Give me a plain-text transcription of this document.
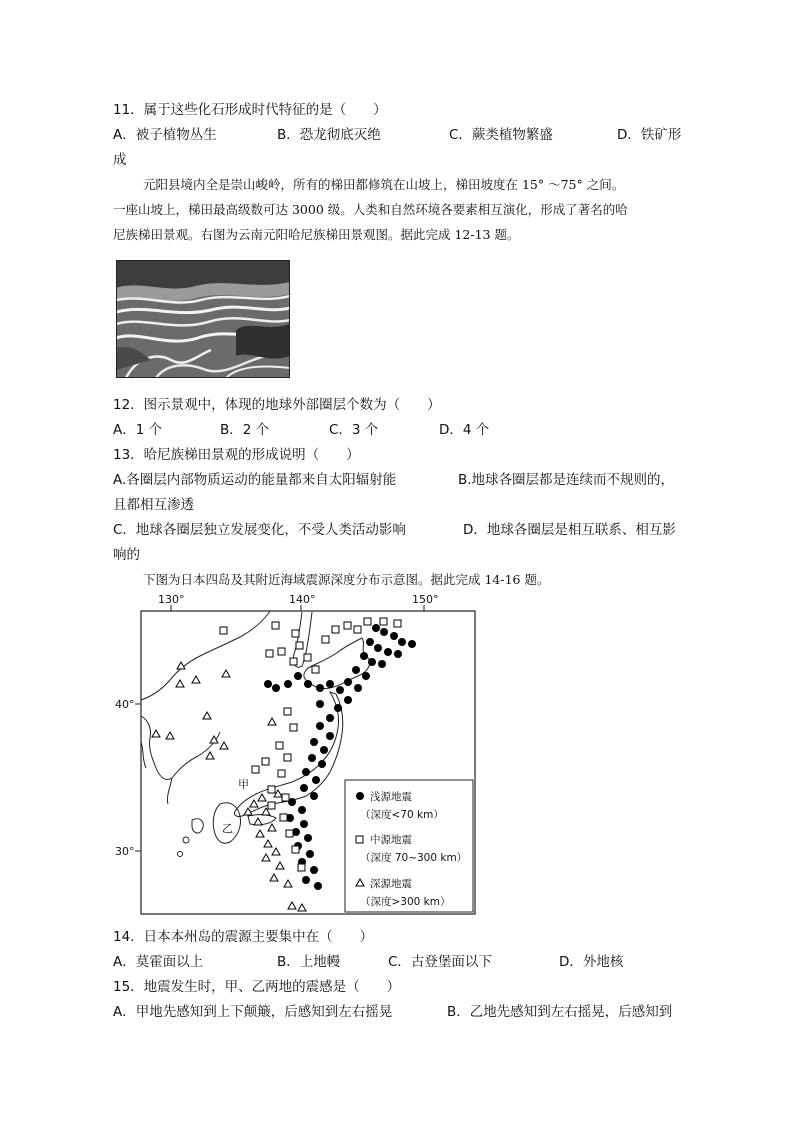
11．属于这些化石形成时代特征的是（　　）
A．被子植物丛生	B．恐龙彻底灭绝	C．蕨类植物繁盛	D．铁矿形
成
元阳县境内全是崇山峻岭，所有的梯田都修筑在山坡上，梯田坡度在 15° ～75° 之间。
一座山坡上，梯田最高级数可达 3000 级。人类和自然环境各要素相互演化，形成了著名的哈
尼族梯田景观。右图为云南元阳哈尼族梯田景观图。据此完成 12-13 题。
12．图示景观中，体现的地球外部圈层个数为（　　）
A．1 个	B．2 个	C．3 个	D．4 个
13．哈尼族梯田景观的形成说明（　　）
A.各圈层内部物质运动的能量都来自太阳辐射能	B.地球各圈层都是连续而不规则的，
且都相互渗透
C．地球各圈层独立发展变化，不受人类活动影响	D．地球各圈层是相互联系、相互影
响的
下图为日本四岛及其附近海域震源深度分布示意图。据此完成 14-16 题。
130°	140°	150°
40°
30°
甲
乙
浅源地震
（深度<70 km）
中源地震
（深度 70~300 km）
深源地震
（深度>300 km）
14．日本本州岛的震源主要集中在（　　）
A．莫霍面以上	B．上地幔	C．古登堡面以下	D．外地核
15．地震发生时，甲、乙两地的震感是（　　）
A．甲地先感知到上下颠簸，后感知到左右摇晃	B．乙地先感知到左右摇晃，后感知到
